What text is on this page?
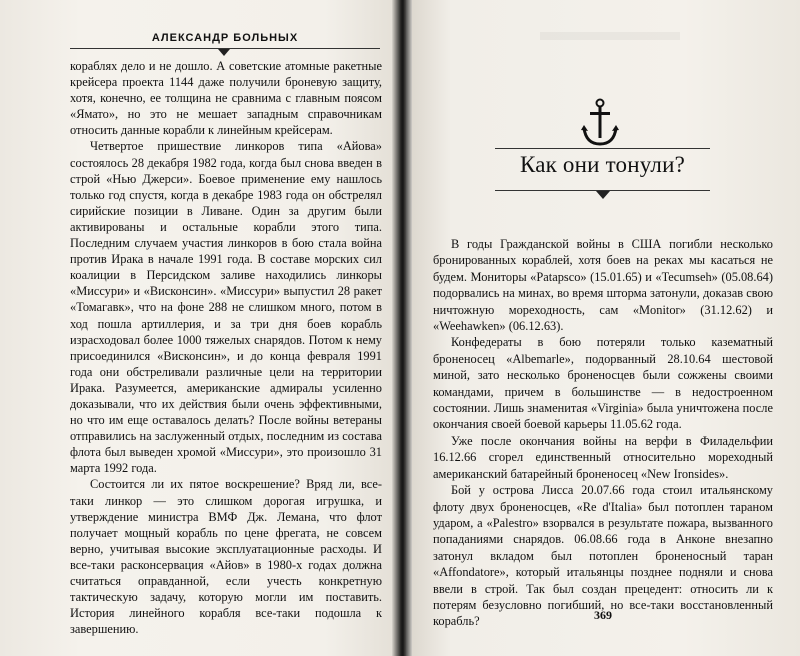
АЛЕКСАНДР БОЛЬНЫХ

кораблях дело и не дошло. А советские атомные ракетные крейсера проекта 1144 даже получили броневую защиту, хотя, конечно, ее толщина не сравнима с главным поясом «Ямато», но это не мешает западным справочникам относить данные корабли к линейным крейсерам.

Четвертое пришествие линкоров типа «Айова» состоялось 28 декабря 1982 года, когда был снова введен в строй «Нью Джерси». Боевое применение ему нашлось только год спустя, когда в декабре 1983 года он обстрелял сирийские позиции в Ливане. Один за другим были активированы и остальные корабли этого типа. Последним случаем участия линкоров в бою стала война против Ирака в начале 1991 года. В составе морских сил коалиции в Персидском заливе находились линкоры «Миссури» и «Висконсин». «Миссури» выпустил 28 ракет «Томагавк», что на фоне 288 не слишком много, потом в ход пошла артиллерия, и за три дня боев корабль израсходовал более 1000 тяжелых снарядов. Потом к нему присоединился «Висконсин», и до конца февраля 1991 года они обстреливали различные цели на территории Ирака. Разумеется, американские адмиралы усиленно доказывали, что их действия были очень эффективными, но что им еще оставалось делать? После войны ветераны отправились на заслуженный отдых, последним из состава флота был выведен хромой «Миссури», это произошло 31 марта 1992 года.

Состоится ли их пятое воскрешение? Вряд ли, все-таки линкор — это слишком дорогая игрушка, и утверждение министра ВМФ Дж. Лемана, что флот получает мощный корабль по цене фрегата, не совсем верно, учитывая высокие эксплуатационные расходы. И все-таки расконсервация «Айов» в 1980-х годах должна считаться оправданной, если учесть конкретную тактическую задачу, которую могли им поставить. История линейного корабля все-таки подошла к завершению.

Как они тонули?

В годы Гражданской войны в США погибли несколько бронированных кораблей, хотя боев на реках мы касаться не будем. Мониторы «Patapsco» (15.01.65) и «Tecumseh» (05.08.64) подорвались на минах, во время шторма затонули, доказав свою ничтожную мореходность, сам «Monitor» (31.12.62) и «Weehawken» (06.12.63).

Конфедераты в бою потеряли только казематный броненосец «Albemarle», подорванный 28.10.64 шестовой миной, зато несколько броненосцев были сожжены своими командами, причем в большинстве — в недостроенном состоянии. Лишь знаменитая «Virginia» была уничтожена после окончания своей боевой карьеры 11.05.62 года.

Уже после окончания войны на верфи в Филадельфии 16.12.66 сгорел единственный относительно мореходный американский батарейный броненосец «New Ironsides».

Бой у острова Лисса 20.07.66 года стоил итальянскому флоту двух броненосцев, «Re d'Italia» был потоплен тараном ударом, а «Palestro» взорвался в результате пожара, вызванного попаданиями снарядов. 06.08.66 года в Анконе внезапно затонул вкладом был потоплен броненосный таран «Affondatore», который итальянцы позднее подняли и снова ввели в строй. Так был создан прецедент: относить ли к потерям безусловно погибший, но все-таки восстановленный корабль?	369
